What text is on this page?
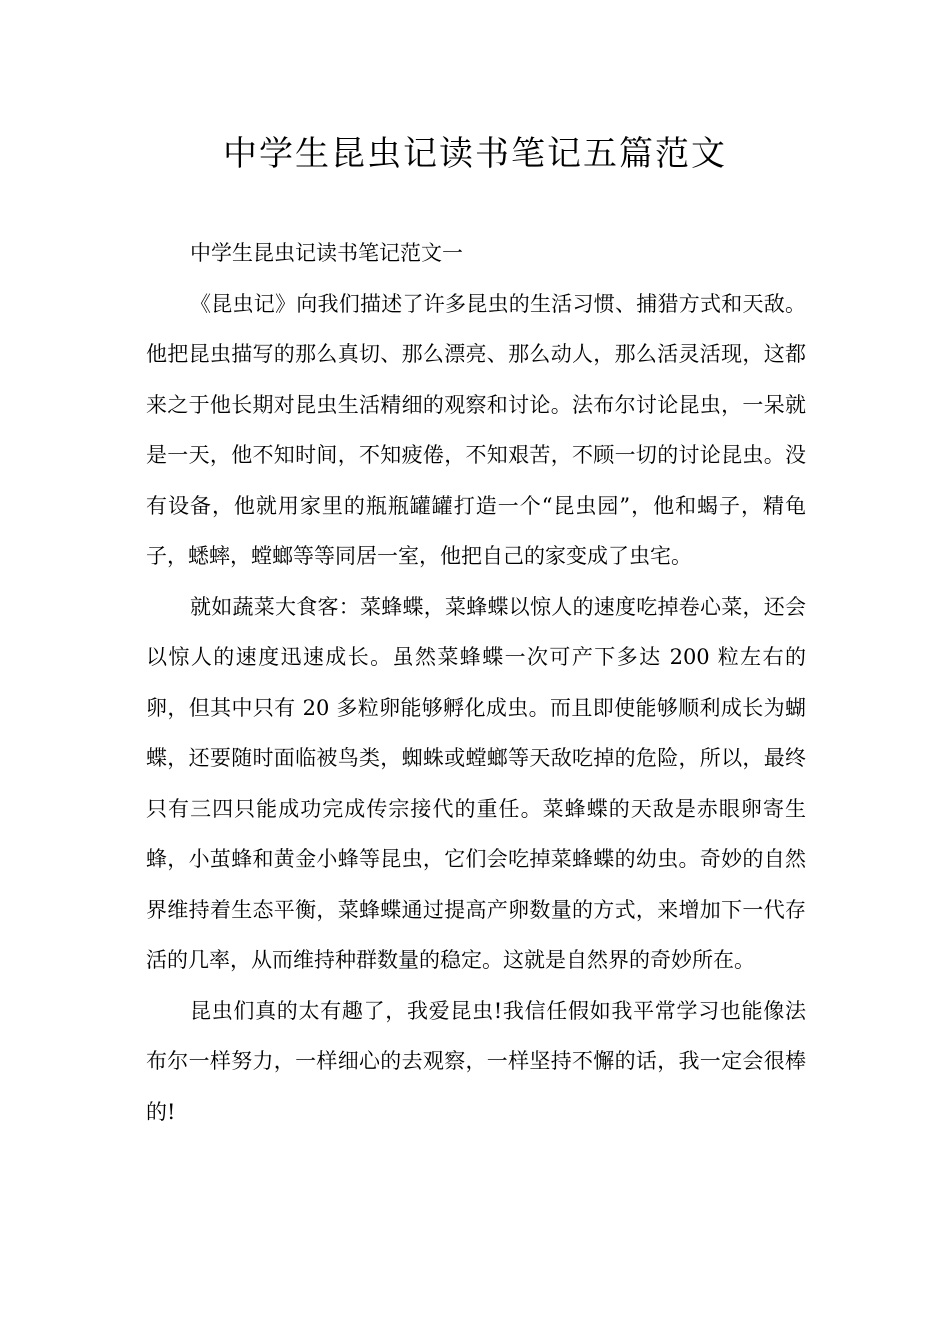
中学生昆虫记读书笔记五篇范文

中学生昆虫记读书笔记范文一

《昆虫记》向我们描述了许多昆虫的生活习惯、捕猎方式和天敌。他把昆虫描写的那么真切、那么漂亮、那么动人，那么活灵活现，这都来之于他长期对昆虫生活精细的观察和讨论。法布尔讨论昆虫，一呆就是一天，他不知时间，不知疲倦，不知艰苦，不顾一切的讨论昆虫。没有设备，他就用家里的瓶瓶罐罐打造一个“昆虫园”，他和蝎子，精龟子，蟋蟀，螳螂等等同居一室，他把自己的家变成了虫宅。

就如蔬菜大食客：菜蜂蝶，菜蜂蝶以惊人的速度吃掉卷心菜，还会以惊人的速度迅速成长。虽然菜蜂蝶一次可产下多达 200 粒左右的卵，但其中只有 20 多粒卵能够孵化成虫。而且即使能够顺利成长为蝴蝶，还要随时面临被鸟类，蜘蛛或螳螂等天敌吃掉的危险，所以，最终只有三四只能成功完成传宗接代的重任。菜蜂蝶的天敌是赤眼卵寄生蜂，小茧蜂和黄金小蜂等昆虫，它们会吃掉菜蜂蝶的幼虫。奇妙的自然界维持着生态平衡，菜蜂蝶通过提高产卵数量的方式，来增加下一代存活的几率，从而维持种群数量的稳定。这就是自然界的奇妙所在。

昆虫们真的太有趣了，我爱昆虫!我信任假如我平常学习也能像法布尔一样努力，一样细心的去观察，一样坚持不懈的话，我一定会很棒的!
